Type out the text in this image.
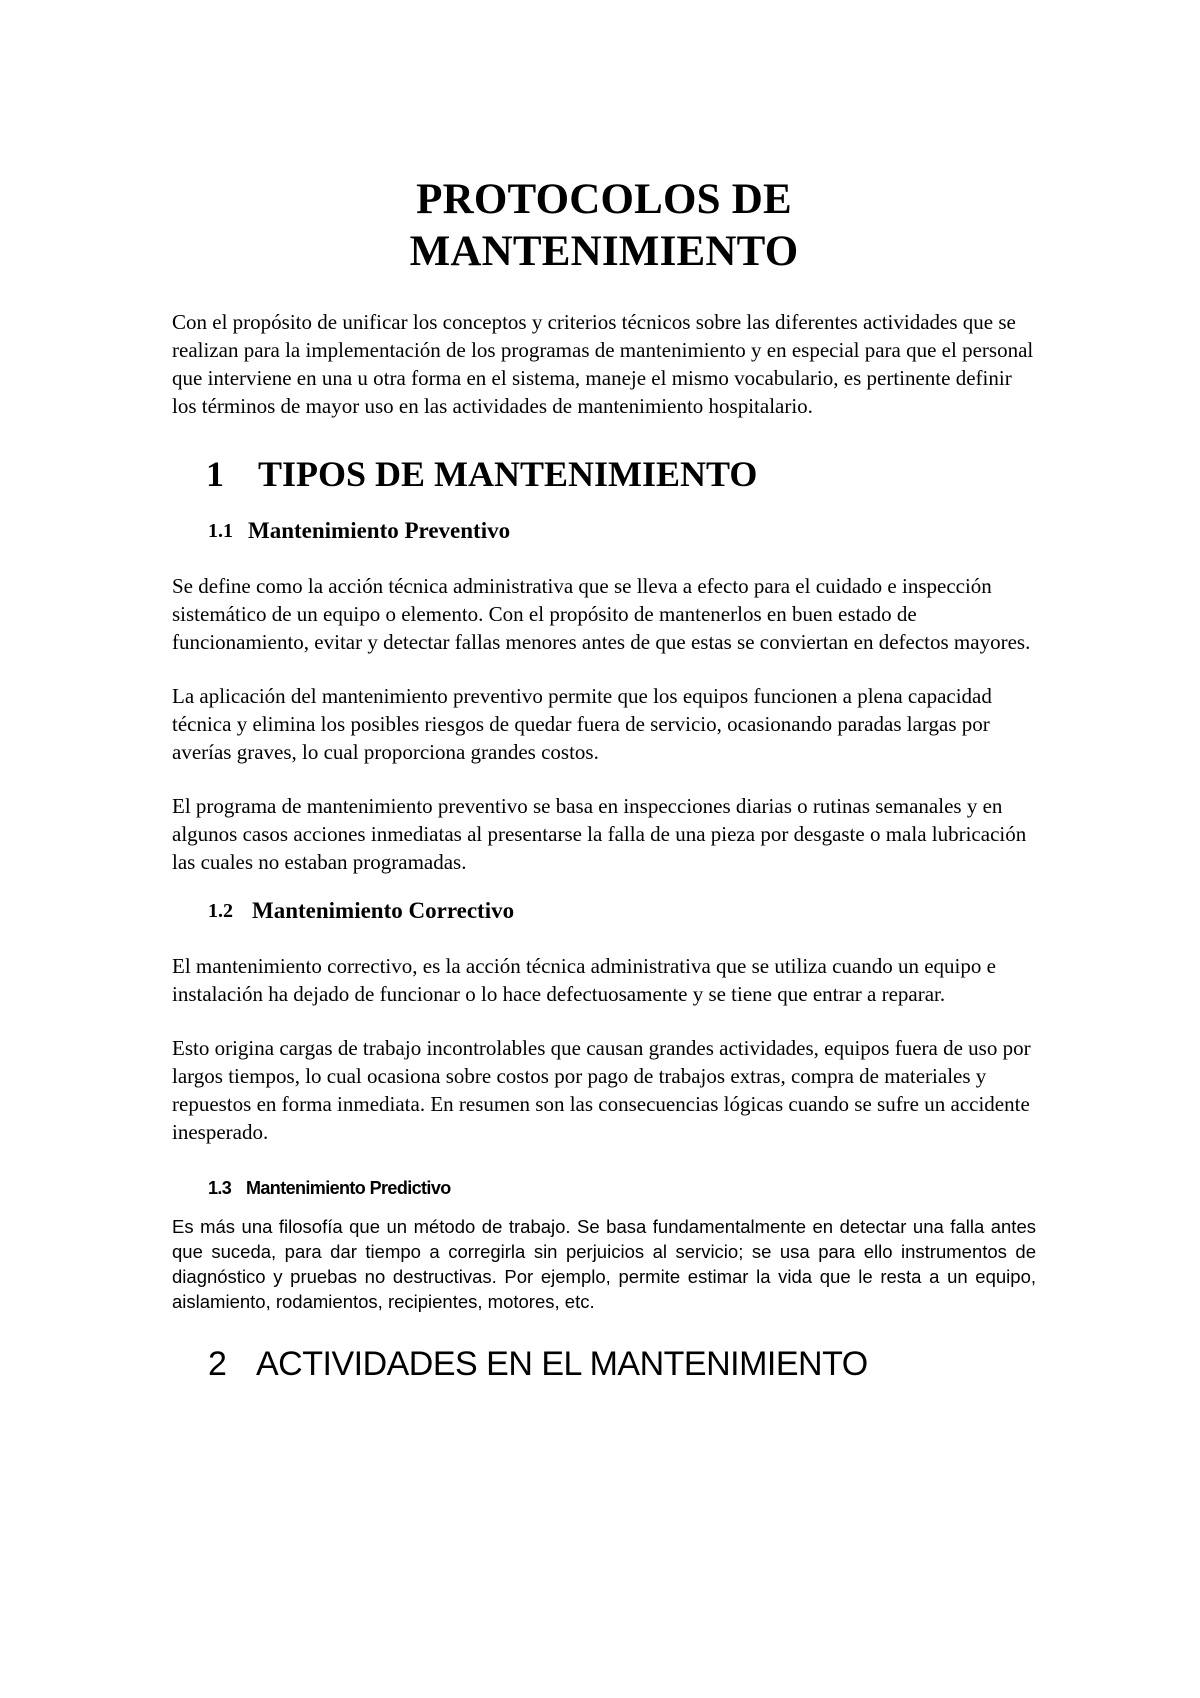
PROTOCOLOS DE
MANTENIMIENTO

Con el propósito de unificar los conceptos y criterios técnicos sobre las diferentes actividades que se realizan para la implementación de los programas de mantenimiento y en especial para que el personal que interviene en una u otra forma en el sistema, maneje el mismo vocabulario, es pertinente definir los términos de mayor uso en las actividades de mantenimiento hospitalario.

1 TIPOS DE MANTENIMIENTO
1.1 Mantenimiento Preventivo

Se define como la acción técnica administrativa que se lleva a efecto para el cuidado e inspección sistemático de un equipo o elemento. Con el propósito de mantenerlos en buen estado de funcionamiento, evitar y detectar fallas menores antes de que estas se conviertan en defectos mayores.

La aplicación del mantenimiento preventivo permite que los equipos funcionen a plena capacidad técnica y elimina los posibles riesgos de quedar fuera de servicio, ocasionando paradas largas por averías graves, lo cual proporciona grandes costos.

El programa de mantenimiento preventivo se basa en inspecciones diarias o rutinas semanales y en algunos casos acciones inmediatas al presentarse la falla de una pieza por desgaste o mala lubricación las cuales no estaban programadas.

1.2 Mantenimiento Correctivo

El mantenimiento correctivo, es la acción técnica administrativa que se utiliza cuando un equipo e instalación ha dejado de funcionar o lo hace defectuosamente y se tiene que entrar a reparar.

Esto origina cargas de trabajo incontrolables que causan grandes actividades, equipos fuera de uso por largos tiempos, lo cual ocasiona sobre costos por pago de trabajos extras, compra de materiales y repuestos en forma inmediata. En resumen son las consecuencias lógicas cuando se sufre un accidente inesperado.

1.3 Mantenimiento Predictivo

Es más una filosofía que un método de trabajo. Se basa fundamentalmente en detectar una falla antes que suceda, para dar tiempo a corregirla sin perjuicios al servicio; se usa para ello instrumentos de diagnóstico y pruebas no destructivas. Por ejemplo, permite estimar la vida que le resta a un equipo, aislamiento, rodamientos, recipientes, motores, etc.

2 ACTIVIDADES EN EL MANTENIMIENTO
